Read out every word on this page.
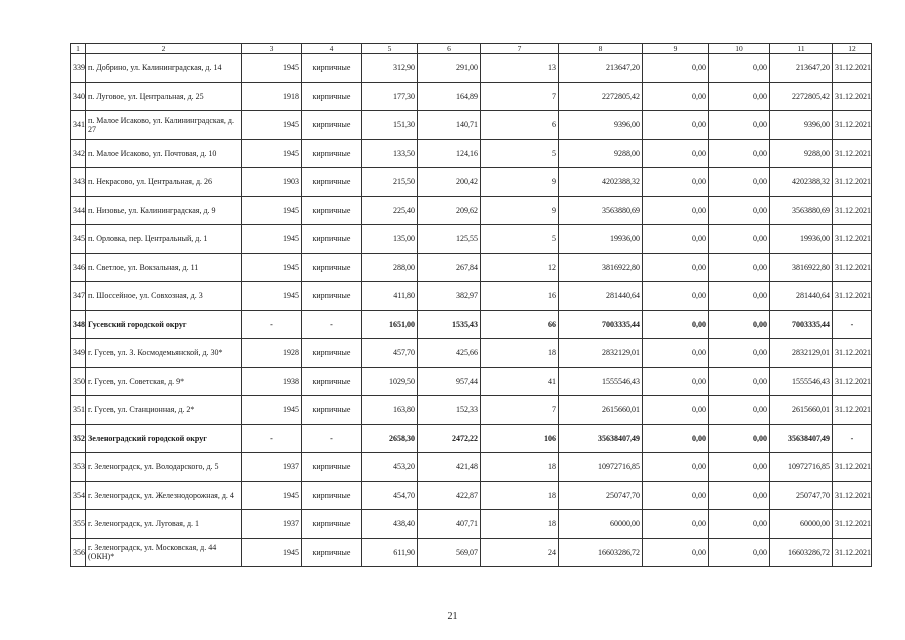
1	2	3	4	5	6	7	8	9	10	11	12
339	п. Добрино, ул. Калининградская, д. 14	1945	кирпичные	312,90	291,00	13	213647,20	0,00	0,00	213647,20	31.12.2021
340	п. Луговое, ул. Центральная, д. 25	1918	кирпичные	177,30	164,89	7	2272805,42	0,00	0,00	2272805,42	31.12.2021
341	п. Малое Исаково, ул. Калининградская, д. 27	1945	кирпичные	151,30	140,71	6	9396,00	0,00	0,00	9396,00	31.12.2021
342	п. Малое Исаково, ул. Почтовая, д. 10	1945	кирпичные	133,50	124,16	5	9288,00	0,00	0,00	9288,00	31.12.2021
343	п. Некрасово, ул. Центральная, д. 26	1903	кирпичные	215,50	200,42	9	4202388,32	0,00	0,00	4202388,32	31.12.2021
344	п. Низовье, ул. Калининградская, д. 9	1945	кирпичные	225,40	209,62	9	3563880,69	0,00	0,00	3563880,69	31.12.2021
345	п. Орловка, пер. Центральный, д. 1	1945	кирпичные	135,00	125,55	5	19936,00	0,00	0,00	19936,00	31.12.2021
346	п. Светлое, ул. Вокзальная, д. 11	1945	кирпичные	288,00	267,84	12	3816922,80	0,00	0,00	3816922,80	31.12.2021
347	п. Шоссейное, ул. Совхозная, д. 3	1945	кирпичные	411,80	382,97	16	281440,64	0,00	0,00	281440,64	31.12.2021
348	Гусевский городской округ	-	-	1651,00	1535,43	66	7003335,44	0,00	0,00	7003335,44	-
349	г. Гусев, ул. З. Космодемьянской, д. 30*	1928	кирпичные	457,70	425,66	18	2832129,01	0,00	0,00	2832129,01	31.12.2021
350	г. Гусев, ул. Советская, д. 9*	1938	кирпичные	1029,50	957,44	41	1555546,43	0,00	0,00	1555546,43	31.12.2021
351	г. Гусев, ул. Станционная, д. 2*	1945	кирпичные	163,80	152,33	7	2615660,01	0,00	0,00	2615660,01	31.12.2021
352	Зеленоградский городской округ	-	-	2658,30	2472,22	106	35638407,49	0,00	0,00	35638407,49	-
353	г. Зеленоградск, ул. Володарского, д. 5	1937	кирпичные	453,20	421,48	18	10972716,85	0,00	0,00	10972716,85	31.12.2021
354	г. Зеленоградск, ул. Железнодорожная, д. 4	1945	кирпичные	454,70	422,87	18	250747,70	0,00	0,00	250747,70	31.12.2021
355	г. Зеленоградск, ул. Луговая, д. 1	1937	кирпичные	438,40	407,71	18	60000,00	0,00	0,00	60000,00	31.12.2021
356	г. Зеленоградск, ул. Московская, д. 44 (ОКН)*	1945	кирпичные	611,90	569,07	24	16603286,72	0,00	0,00	16603286,72	31.12.2021
21
